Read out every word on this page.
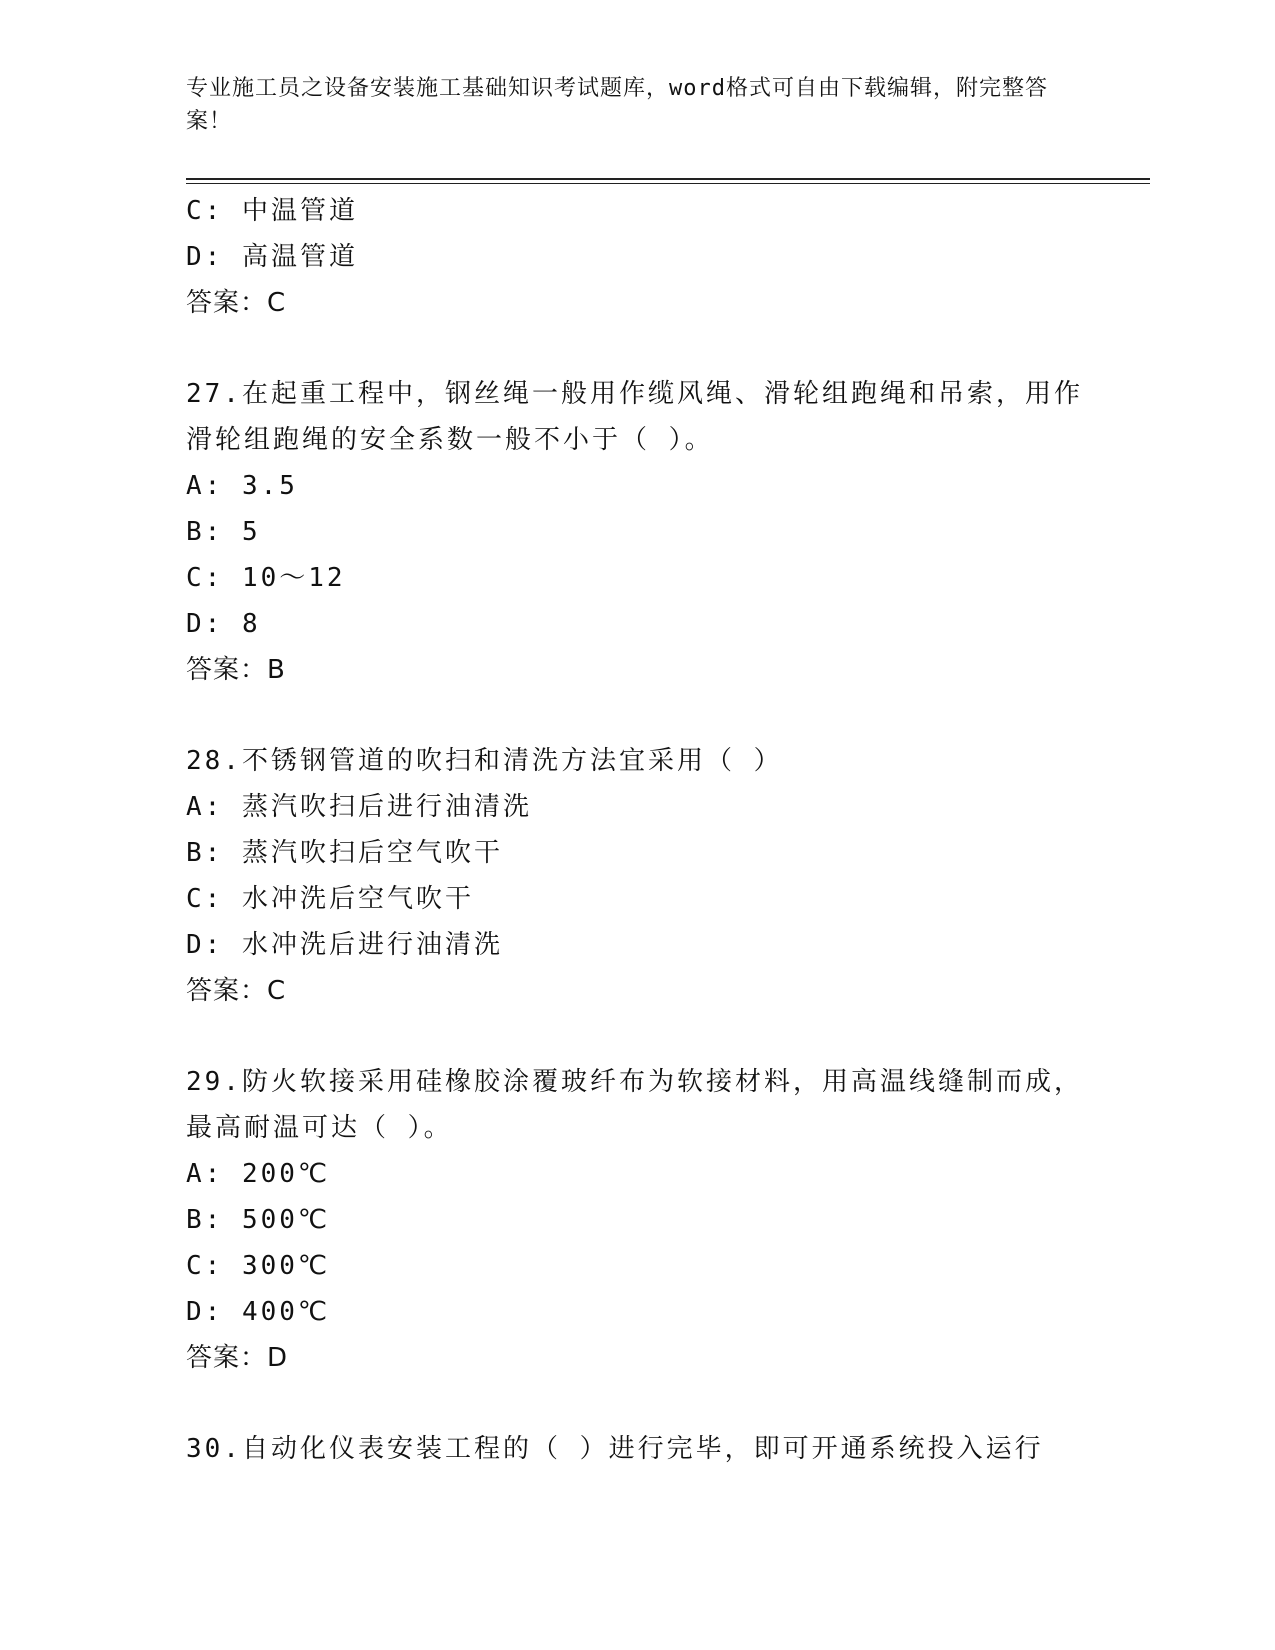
专业施工员之设备安装施工基础知识考试题库，word格式可自由下载编辑，附完整答案！
C: 中温管道
D: 高温管道
答案：C
27.在起重工程中，钢丝绳一般用作缆风绳、滑轮组跑绳和吊索，用作滑轮组跑绳的安全系数一般不小于（ ）。
A: 3.5
B: 5
C: 10～12
D: 8
答案：B
28.不锈钢管道的吹扫和清洗方法宜采用（ ）
A: 蒸汽吹扫后进行油清洗
B: 蒸汽吹扫后空气吹干
C: 水冲洗后空气吹干
D: 水冲洗后进行油清洗
答案：C
29.防火软接采用硅橡胶涂覆玻纤布为软接材料，用高温线缝制而成，最高耐温可达（ ）。
A: 200℃
B: 500℃
C: 300℃
D: 400℃
答案：D
30.自动化仪表安装工程的（ ）进行完毕，即可开通系统投入运行
